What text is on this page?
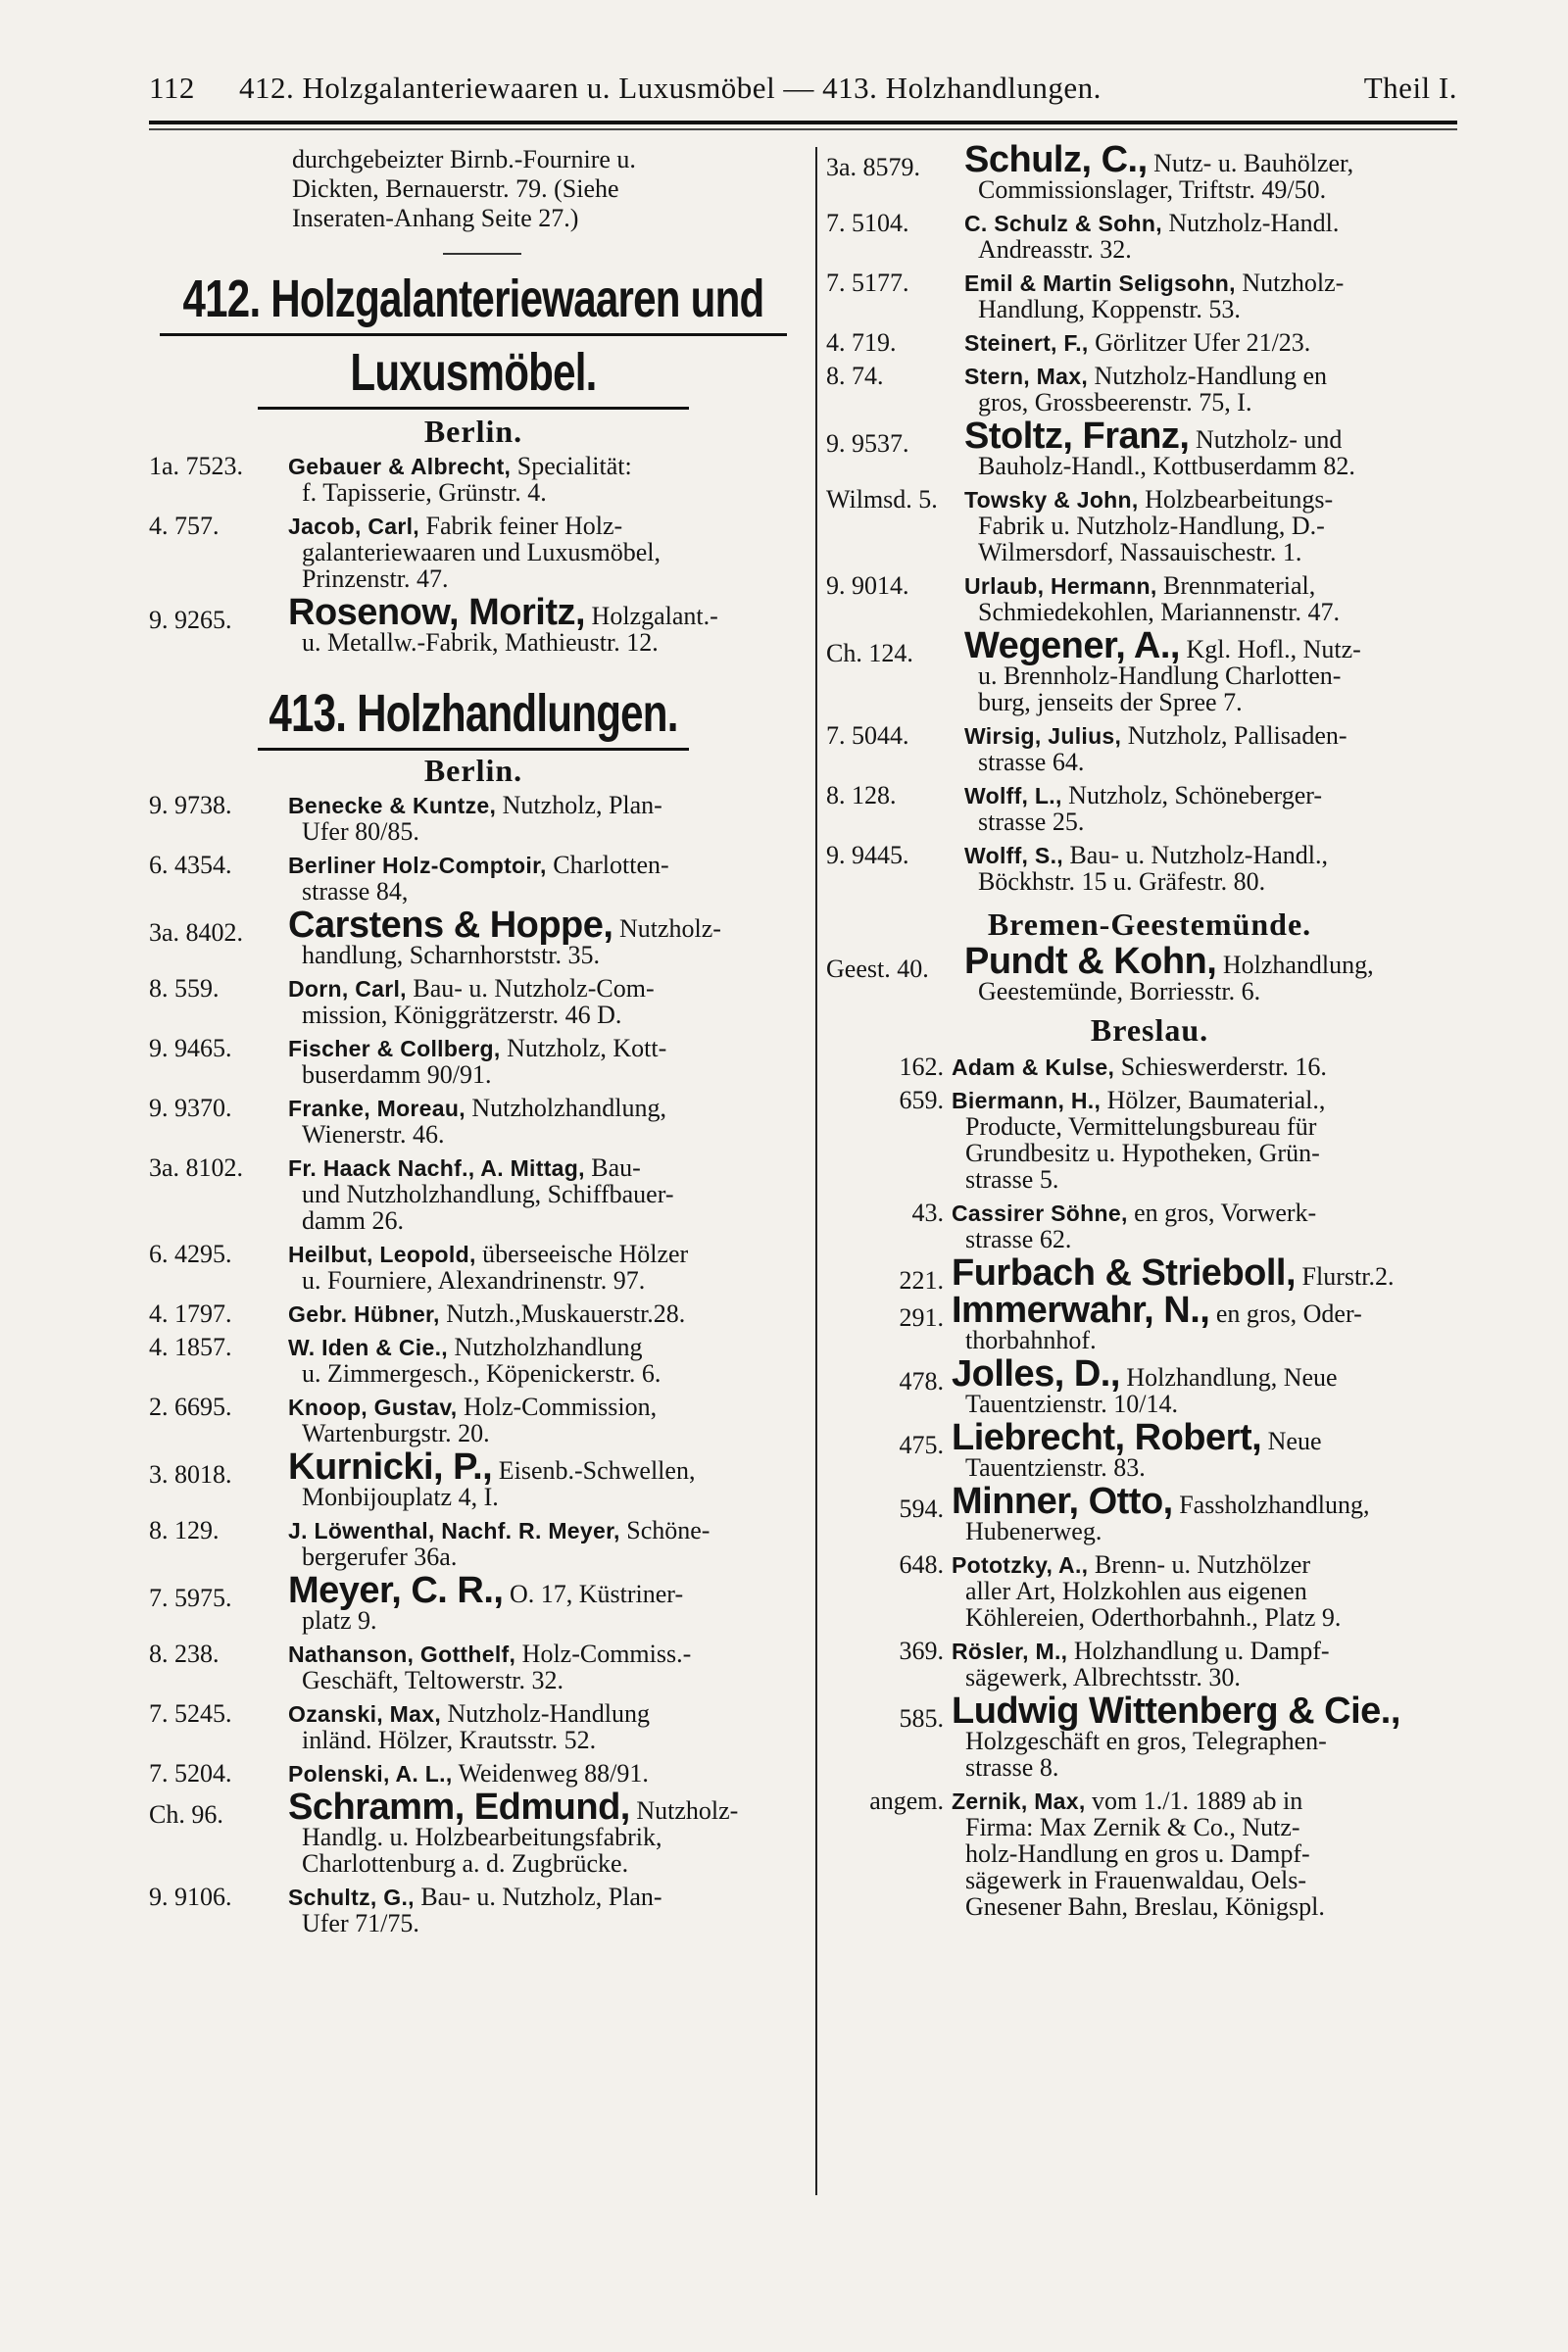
112 412. Holzgalanteriewaaren u. Luxusmöbel — 413. Holzhandlungen.	Theil I.
durchgebeizter Birnb.-Fournire u.
Dickten, Bernauerstr. 79. (Siehe
Inseraten-Anhang Seite 27.)
412. Holzgalanteriewaaren und
Luxusmöbel.
Berlin.
1a. 7523.	Gebauer & Albrecht, Specialität:
f. Tapisserie, Grünstr. 4.
4. 757.	Jacob, Carl, Fabrik feiner Holz-
galanteriewaaren und Luxusmöbel,
Prinzenstr. 47.
9. 9265.	Rosenow, Moritz, Holzgalant.-
u. Metallw.-Fabrik, Mathieustr. 12.
413. Holzhandlungen.
Berlin.
9. 9738.	Benecke & Kuntze, Nutzholz, Plan-
Ufer 80/85.
6. 4354.	Berliner Holz-Comptoir, Charlotten-
strasse 84,
3a. 8402.	Carstens & Hoppe, Nutzholz-
handlung, Scharnhorststr. 35.
8. 559.	Dorn, Carl, Bau- u. Nutzholz-Com-
mission, Königgrätzerstr. 46 D.
9. 9465.	Fischer & Collberg, Nutzholz, Kott-
buserdamm 90/91.
9. 9370.	Franke, Moreau, Nutzholzhandlung,
Wienerstr. 46.
3a. 8102.	Fr. Haack Nachf., A. Mittag, Bau-
und Nutzholzhandlung, Schiffbauer-
damm 26.
6. 4295.	Heilbut, Leopold, überseeische Hölzer
u. Fourniere, Alexandrinenstr. 97.
4. 1797.	Gebr. Hübner, Nutzh.,Muskauerstr.28.
4. 1857.	W. Iden & Cie., Nutzholzhandlung
u. Zimmergesch., Köpenickerstr. 6.
2. 6695.	Knoop, Gustav, Holz-Commission,
Wartenburgstr. 20.
3. 8018.	Kurnicki, P., Eisenb.-Schwellen,
Monbijouplatz 4, I.
8. 129.	J. Löwenthal, Nachf. R. Meyer, Schöne-
bergerufer 36a.
7. 5975.	Meyer, C. R., O. 17, Küstriner-
platz 9.
8. 238.	Nathanson, Gotthelf, Holz-Commiss.-
Geschäft, Teltowerstr. 32.
7. 5245.	Ozanski, Max, Nutzholz-Handlung
inländ. Hölzer, Krautsstr. 52.
7. 5204.	Polenski, A. L., Weidenweg 88/91.
Ch. 96.	Schramm, Edmund, Nutzholz-
Handlg. u. Holzbearbeitungsfabrik,
Charlottenburg a. d. Zugbrücke.
9. 9106.	Schultz, G., Bau- u. Nutzholz, Plan-
Ufer 71/75.
3a. 8579.	Schulz, C., Nutz- u. Bauhölzer,
Commissionslager, Triftstr. 49/50.
7. 5104.	C. Schulz & Sohn, Nutzholz-Handl.
Andreasstr. 32.
7. 5177.	Emil & Martin Seligsohn, Nutzholz-
Handlung, Koppenstr. 53.
4. 719.	Steinert, F., Görlitzer Ufer 21/23.
8. 74.	Stern, Max, Nutzholz-Handlung en
gros, Grossbeerenstr. 75, I.
9. 9537.	Stoltz, Franz, Nutzholz- und
Bauholz-Handl., Kottbuserdamm 82.
Wilmsd. 5.	Towsky & John, Holzbearbeitungs-
Fabrik u. Nutzholz-Handlung, D.-
Wilmersdorf, Nassauischestr. 1.
9. 9014.	Urlaub, Hermann, Brennmaterial,
Schmiedekohlen, Mariannenstr. 47.
Ch. 124.	Wegener, A., Kgl. Hofl., Nutz-
u. Brennholz-Handlung Charlotten-
burg, jenseits der Spree 7.
7. 5044.	Wirsig, Julius, Nutzholz, Pallisaden-
strasse 64.
8. 128.	Wolff, L., Nutzholz, Schöneberger-
strasse 25.
9. 9445.	Wolff, S., Bau- u. Nutzholz-Handl.,
Böckhstr. 15 u. Gräfestr. 80.
Bremen-Geestemünde.
Geest. 40. Pundt & Kohn, Holzhandlung,
Geestemünde, Borriesstr. 6.
Breslau.
162. Adam & Kulse, Schieswerderstr. 16.
659. Biermann, H., Hölzer, Baumaterial.,
Producte, Vermittelungsbureau für
Grundbesitz u. Hypotheken, Grün-
strasse 5.
43. Cassirer Söhne, en gros, Vorwerk-
strasse 62.
221. Furbach & Strieboll, Flurstr.2.
291. Immerwahr, N., en gros, Oder-
thorbahnhof.
478. Jolles, D., Holzhandlung, Neue
Tauentzienstr. 10/14.
475. Liebrecht, Robert, Neue
Tauentzienstr. 83.
594. Minner, Otto, Fassholzhandlung,
Hubenerweg.
648. Pototzky, A., Brenn- u. Nutzhölzer
aller Art, Holzkohlen aus eigenen
Köhlereien, Oderthorbahnh., Platz 9.
369. Rösler, M., Holzhandlung u. Dampf-
sägewerk, Albrechtsstr. 30.
585. Ludwig Wittenberg & Cie.,
Holzgeschäft en gros, Telegraphen-
strasse 8.
angem. Zernik, Max, vom 1./1. 1889 ab in
Firma: Max Zernik & Co., Nutz-
holz-Handlung en gros u. Dampf-
sägewerk in Frauenwaldau, Oels-
Gnesener Bahn, Breslau, Königspl.
